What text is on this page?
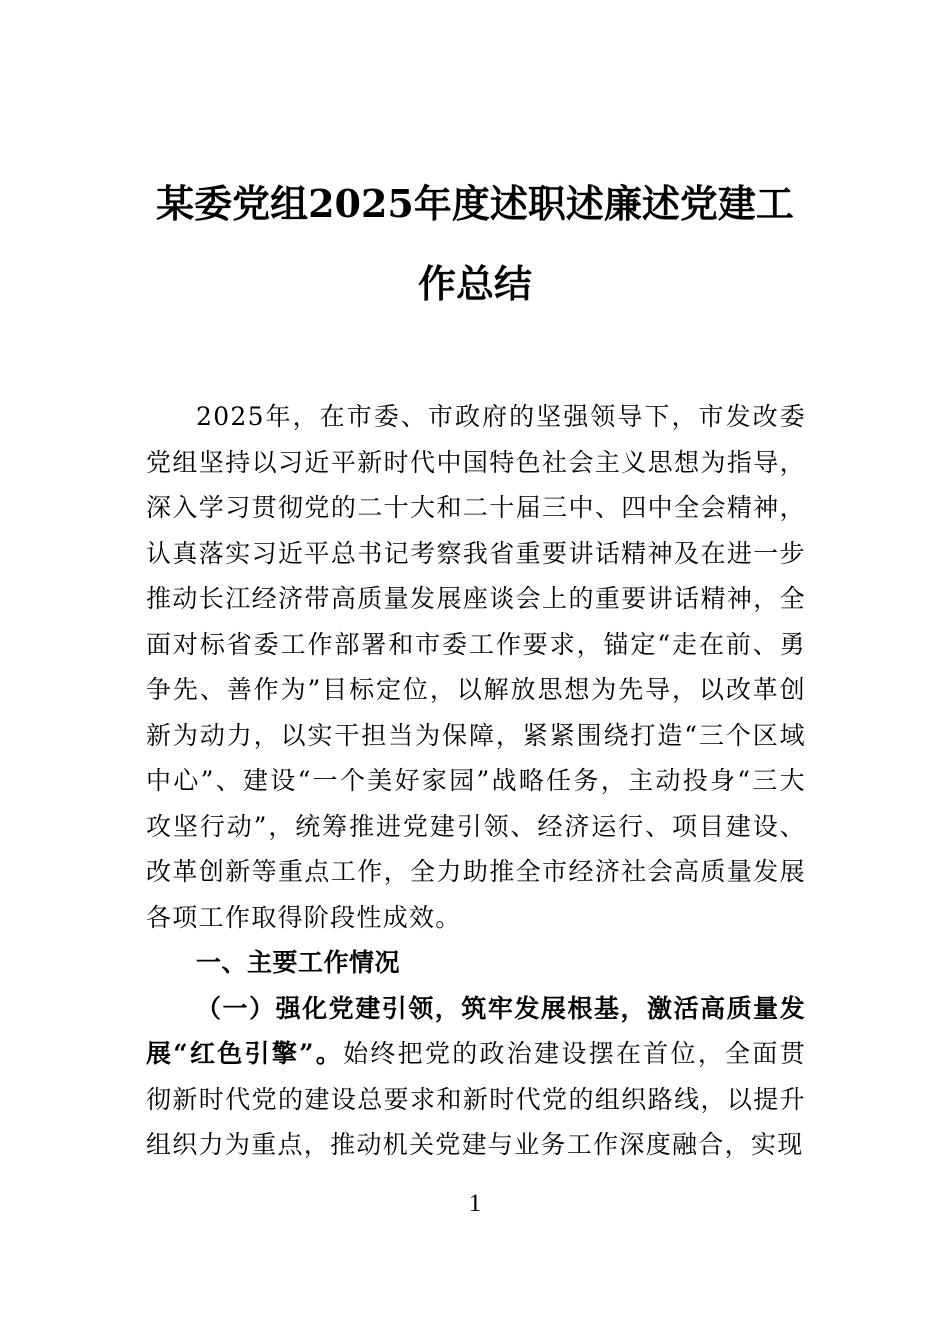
某委党组2025年度述职述廉述党建工作总结

2025年，在市委、市政府的坚强领导下，市发改委党组坚持以习近平新时代中国特色社会主义思想为指导，深入学习贯彻党的二十大和二十届三中、四中全会精神，认真落实习近平总书记考察我省重要讲话精神及在进一步推动长江经济带高质量发展座谈会上的重要讲话精神，全面对标省委工作部署和市委工作要求，锚定“走在前、勇争先、善作为”目标定位，以解放思想为先导，以改革创新为动力，以实干担当为保障，紧紧围绕打造“三个区域中心”、建设“一个美好家园”战略任务，主动投身“三大攻坚行动”，统筹推进党建引领、经济运行、项目建设、改革创新等重点工作，全力助推全市经济社会高质量发展各项工作取得阶段性成效。

一、主要工作情况

（一）强化党建引领，筑牢发展根基，激活高质量发展“红色引擎”。始终把党的政治建设摆在首位，全面贯彻新时代党的建设总要求和新时代党的组织路线，以提升组织力为重点，推动机关党建与业务工作深度融合，实现

1
